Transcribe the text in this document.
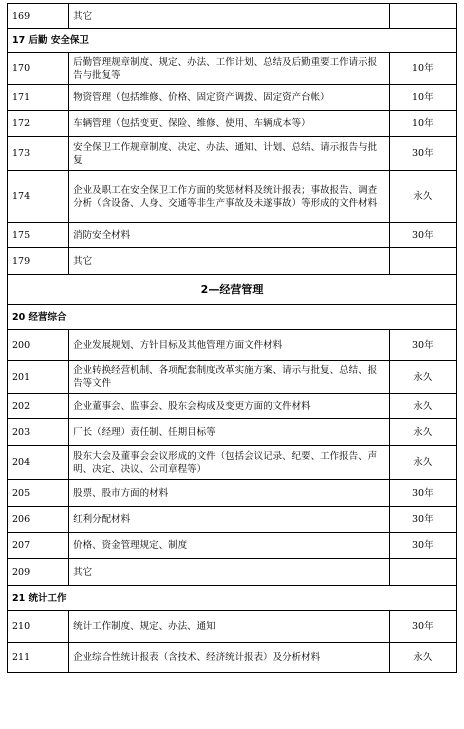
169	其它	
17 后勤 安全保卫		
170	后勤管理规章制度、规定、办法、工作计划、总结及后勤重要工作请示报告与批复等	10年
171	物资管理（包括维修、价格、固定资产调拨、固定资产台帐）	10年
172	车辆管理（包括变更、保险、维修、使用、车辆成本等）	10年
173	安全保卫工作规章制度、决定、办法、通知、计划、总结、请示报告与批复	30年
174	企业及职工在安全保卫工作方面的奖惩材料及统计报表；事故报告、调查分析（含设备、人身、交通等非生产事故及未遂事故）等形成的文件材料	永久
175	消防安全材料	30年
179	其它	
2—经营管理		
20 经营综合		
200	企业发展规划、方针目标及其他管理方面文件材料	30年
201	企业转换经营机制、各项配套制度改革实施方案、请示与批复、总结、报告等文件	永久
202	企业董事会、监事会、股东会构成及变更方面的文件材料	永久
203	厂长（经理）责任制、任期目标等	永久
204	股东大会及董事会会议形成的文件（包括会议记录、纪要、工作报告、声明、决定、决议、公司章程等）	永久
205	股票、股市方面的材料	30年
206	红利分配材料	30年
207	价格、资金管理规定、制度	30年
209	其它	
21 统计工作		
210	统计工作制度、规定、办法、通知	30年
211	企业综合性统计报表（含技术、经济统计报表）及分析材料	永久
